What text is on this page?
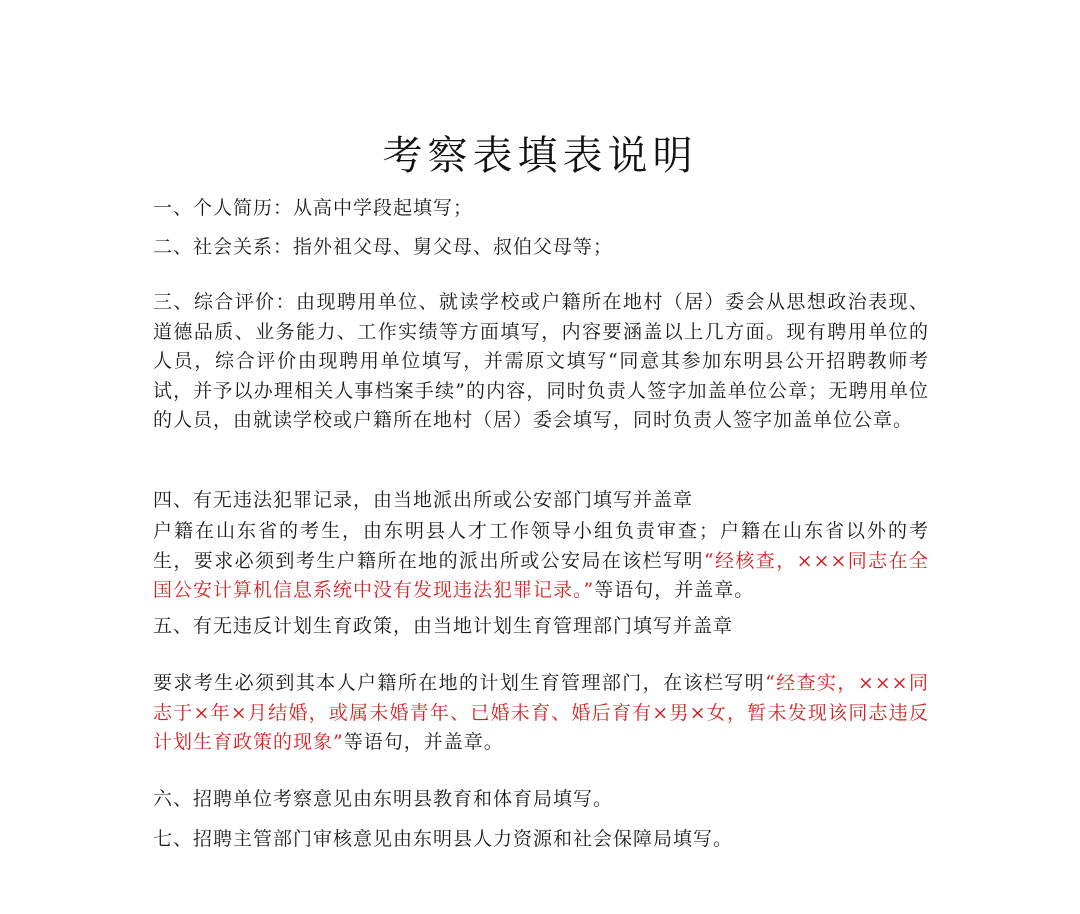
考察表填表说明
一、个人简历：从高中学段起填写；
二、社会关系：指外祖父母、舅父母、叔伯父母等；
三、综合评价：由现聘用单位、就读学校或户籍所在地村（居）委会从思想政治表现、道德品质、业务能力、工作实绩等方面填写，内容要涵盖以上几方面。现有聘用单位的人员，综合评价由现聘用单位填写，并需原文填写“同意其参加东明县公开招聘教师考试，并予以办理相关人事档案手续”的内容，同时负责人签字加盖单位公章；无聘用单位的人员，由就读学校或户籍所在地村（居）委会填写，同时负责人签字加盖单位公章。
四、有无违法犯罪记录，由当地派出所或公安部门填写并盖章
户籍在山东省的考生，由东明县人才工作领导小组负责审查；户籍在山东省以外的考生，要求必须到考生户籍所在地的派出所或公安局在该栏写明“经核查，×××同志在全国公安计算机信息系统中没有发现违法犯罪记录。”等语句，并盖章。
五、有无违反计划生育政策，由当地计划生育管理部门填写并盖章
要求考生必须到其本人户籍所在地的计划生育管理部门，在该栏写明“经查实，×××同志于×年×月结婚，或属未婚青年、已婚未育、婚后育有×男×女，暂未发现该同志违反计划生育政策的现象”等语句，并盖章。
六、招聘单位考察意见由东明县教育和体育局填写。
七、招聘主管部门审核意见由东明县人力资源和社会保障局填写。
